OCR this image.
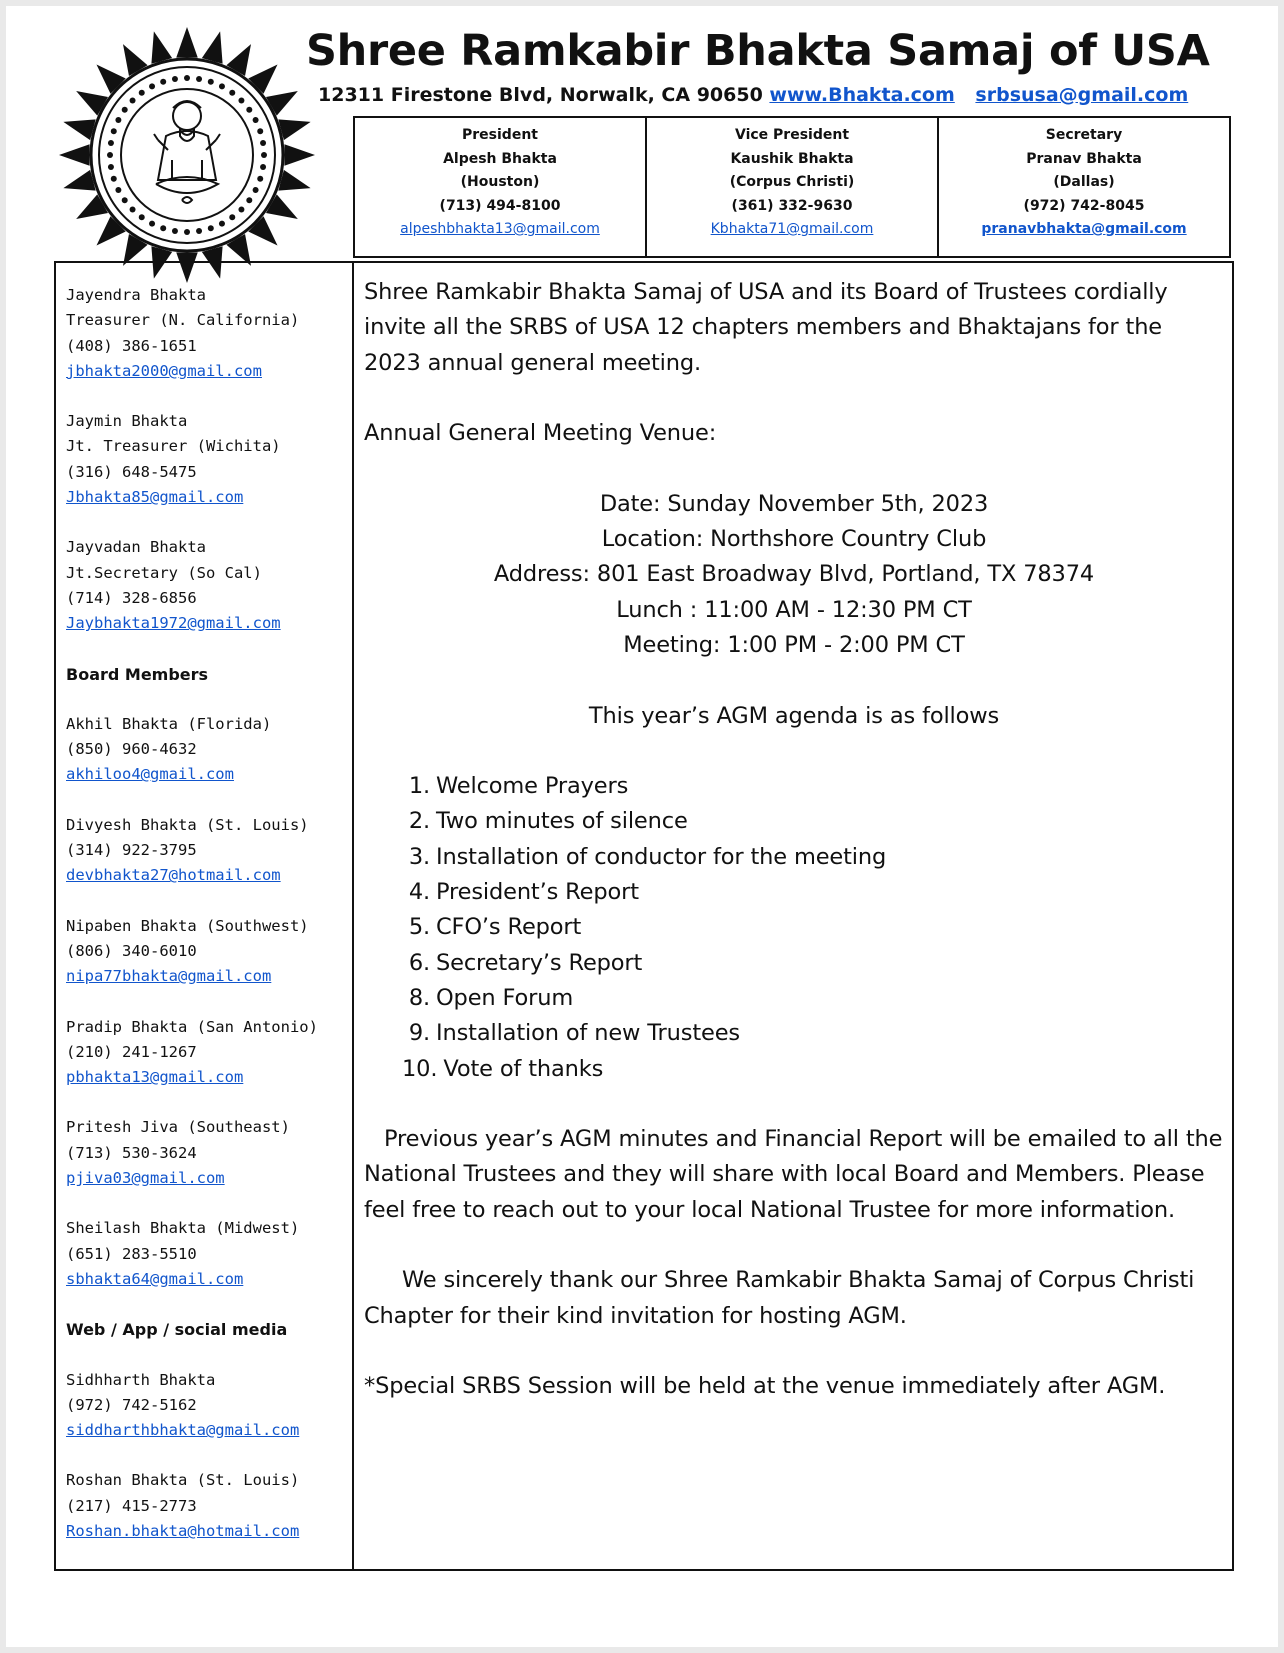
Shree Ramkabir Bhakta Samaj of USA
12311 Firestone Blvd, Norwalk, CA 90650 www.Bhakta.com srbsusa@gmail.com
President
Alpesh Bhakta
(Houston)
(713) 494-8100
alpeshbhakta13@gmail.com
Vice President
Kaushik Bhakta
(Corpus Christi)
(361) 332-9630
Kbhakta71@gmail.com
Secretary
Pranav Bhakta
(Dallas)
(972) 742-8045
pranavbhakta@gmail.com
Jayendra Bhakta
Treasurer (N. California)
(408) 386-1651
jbhakta2000@gmail.com
Jaymin Bhakta
Jt. Treasurer (Wichita)
(316) 648-5475
Jbhakta85@gmail.com
Jayvadan Bhakta
Jt.Secretary (So Cal)
(714) 328-6856
Jaybhakta1972@gmail.com
Board Members
Akhil Bhakta (Florida)
(850) 960-4632
akhiloo4@gmail.com
Divyesh Bhakta (St. Louis)
(314) 922-3795
devbhakta27@hotmail.com
Nipaben Bhakta (Southwest)
(806) 340-6010
nipa77bhakta@gmail.com
Pradip Bhakta (San Antonio)
(210) 241-1267
pbhakta13@gmail.com
Pritesh Jiva (Southeast)
(713) 530-3624
pjiva03@gmail.com
Sheilash Bhakta (Midwest)
(651) 283-5510
sbhakta64@gmail.com
Web / App / social media
Sidhharth Bhakta
(972) 742-5162
siddharthbhakta@gmail.com
Roshan Bhakta (St. Louis)
(217) 415-2773
Roshan.bhakta@hotmail.com

Shree Ramkabir Bhakta Samaj of USA and its Board of Trustees cordially invite all the SRBS of USA 12 chapters members and Bhaktajans for the 2023 annual general meeting.

Annual General Meeting Venue:

Date: Sunday November 5th, 2023

Location: Northshore Country Club

Address: 801 East Broadway Blvd, Portland, TX 78374

Lunch : 11:00 AM - 12:30 PM CT

Meeting: 1:00 PM - 2:00 PM CT

This year’s AGM agenda is as follows

1. Welcome Prayers
2. Two minutes of silence
3. Installation of conductor for the meeting
4. President’s Report
5. CFO’s Report
6. Secretary’s Report
8. Open Forum
9. Installation of new Trustees
10. Vote of thanks

Previous year’s AGM minutes and Financial Report will be emailed to all the National Trustees and they will share with local Board and Members. Please feel free to reach out to your local National Trustee for more information.

We sincerely thank our Shree Ramkabir Bhakta Samaj of Corpus Christi Chapter for their kind invitation for hosting AGM.

*Special SRBS Session will be held at the venue immediately after AGM.
